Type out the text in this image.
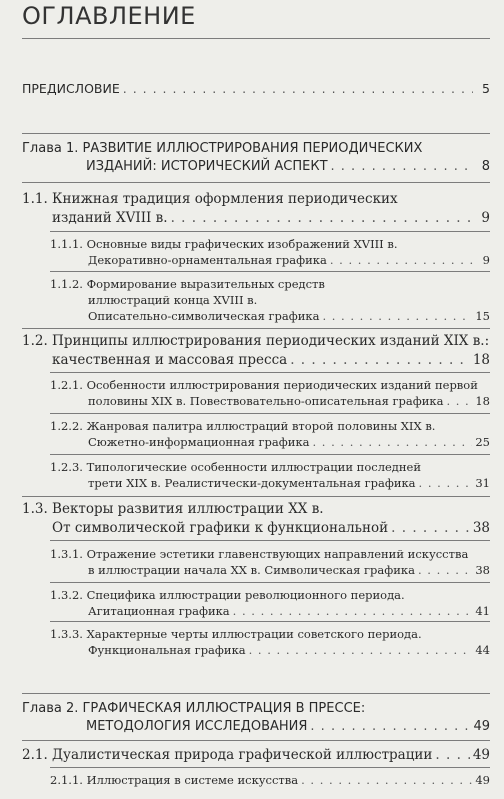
ОГЛАВЛЕНИЕ
ПРЕДИСЛОВИЕ . . .	5
Глава 1. РАЗВИТИЕ ИЛЛЮСТРИРОВАНИЯ ПЕРИОДИЧЕСКИХ
ИЗДАНИЙ: ИСТОРИЧЕСКИЙ АСПЕКТ . . .	8
1.1. Книжная традиция оформления периодических
изданий XVIII в. . . .	9
1.1.1. Основные виды графических изображений XVIII в.
Декоративно-орнаментальная графика . . .	9
1.1.2. Формирование выразительных средств
иллюстраций конца XVIII в.
Описательно-символическая графика . . .	15
1.2. Принципы иллюстрирования периодических изданий XIX в.:
качественная и массовая пресса . . .	18
1.2.1. Особенности иллюстрирования периодических изданий первой
половины XIX в. Повествовательно-описательная графика . . .	18
1.2.2. Жанровая палитра иллюстраций второй половины XIX в.
Сюжетно-информационная графика . . .	25
1.2.3. Типологические особенности иллюстрации последней
трети XIX в. Реалистически-документальная графика . . .	31
1.3. Векторы развития иллюстрации XX в.
От символической графики к функциональной . . .	38
1.3.1. Отражение эстетики главенствующих направлений искусства
в иллюстрации начала XX в. Символическая графика . . .	38
1.3.2. Специфика иллюстрации революционного периода.
Агитационная графика . . .	41
1.3.3. Характерные черты иллюстрации советского периода.
Функциональная графика . . .	44
Глава 2. ГРАФИЧЕСКАЯ ИЛЛЮСТРАЦИЯ В ПРЕССЕ:
МЕТОДОЛОГИЯ ИССЛЕДОВАНИЯ . . .	49
2.1. Дуалистическая природа графической иллюстрации . . .	49
2.1.1. Иллюстрация в системе искусства . . .	49
